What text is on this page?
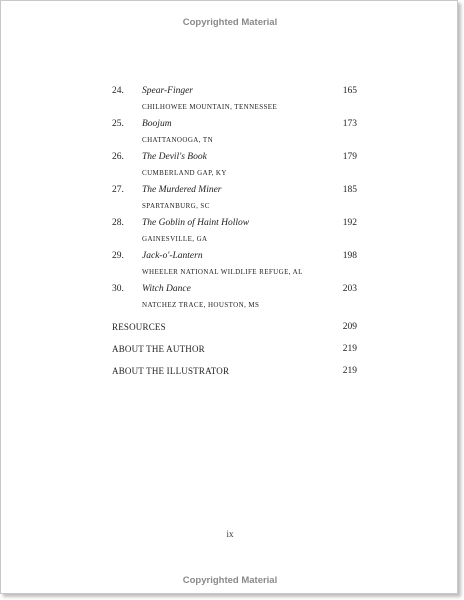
Copyrighted Material
24. Spear-Finger	165
CHILHOWEE MOUNTAIN, TENNESSEE
25. Boojum	173
CHATTANOOGA, TN
26. The Devil's Book	179
CUMBERLAND GAP, KY
27. The Murdered Miner	185
SPARTANBURG, SC
28. The Goblin of Haint Hollow	192
GAINESVILLE, GA
29. Jack-o'-Lantern	198
WHEELER NATIONAL WILDLIFE REFUGE, AL
30. Witch Dance	203
NATCHEZ TRACE, HOUSTON, MS
RESOURCES	209
ABOUT THE AUTHOR	219
ABOUT THE ILLUSTRATOR	219
ix
Copyrighted Material
